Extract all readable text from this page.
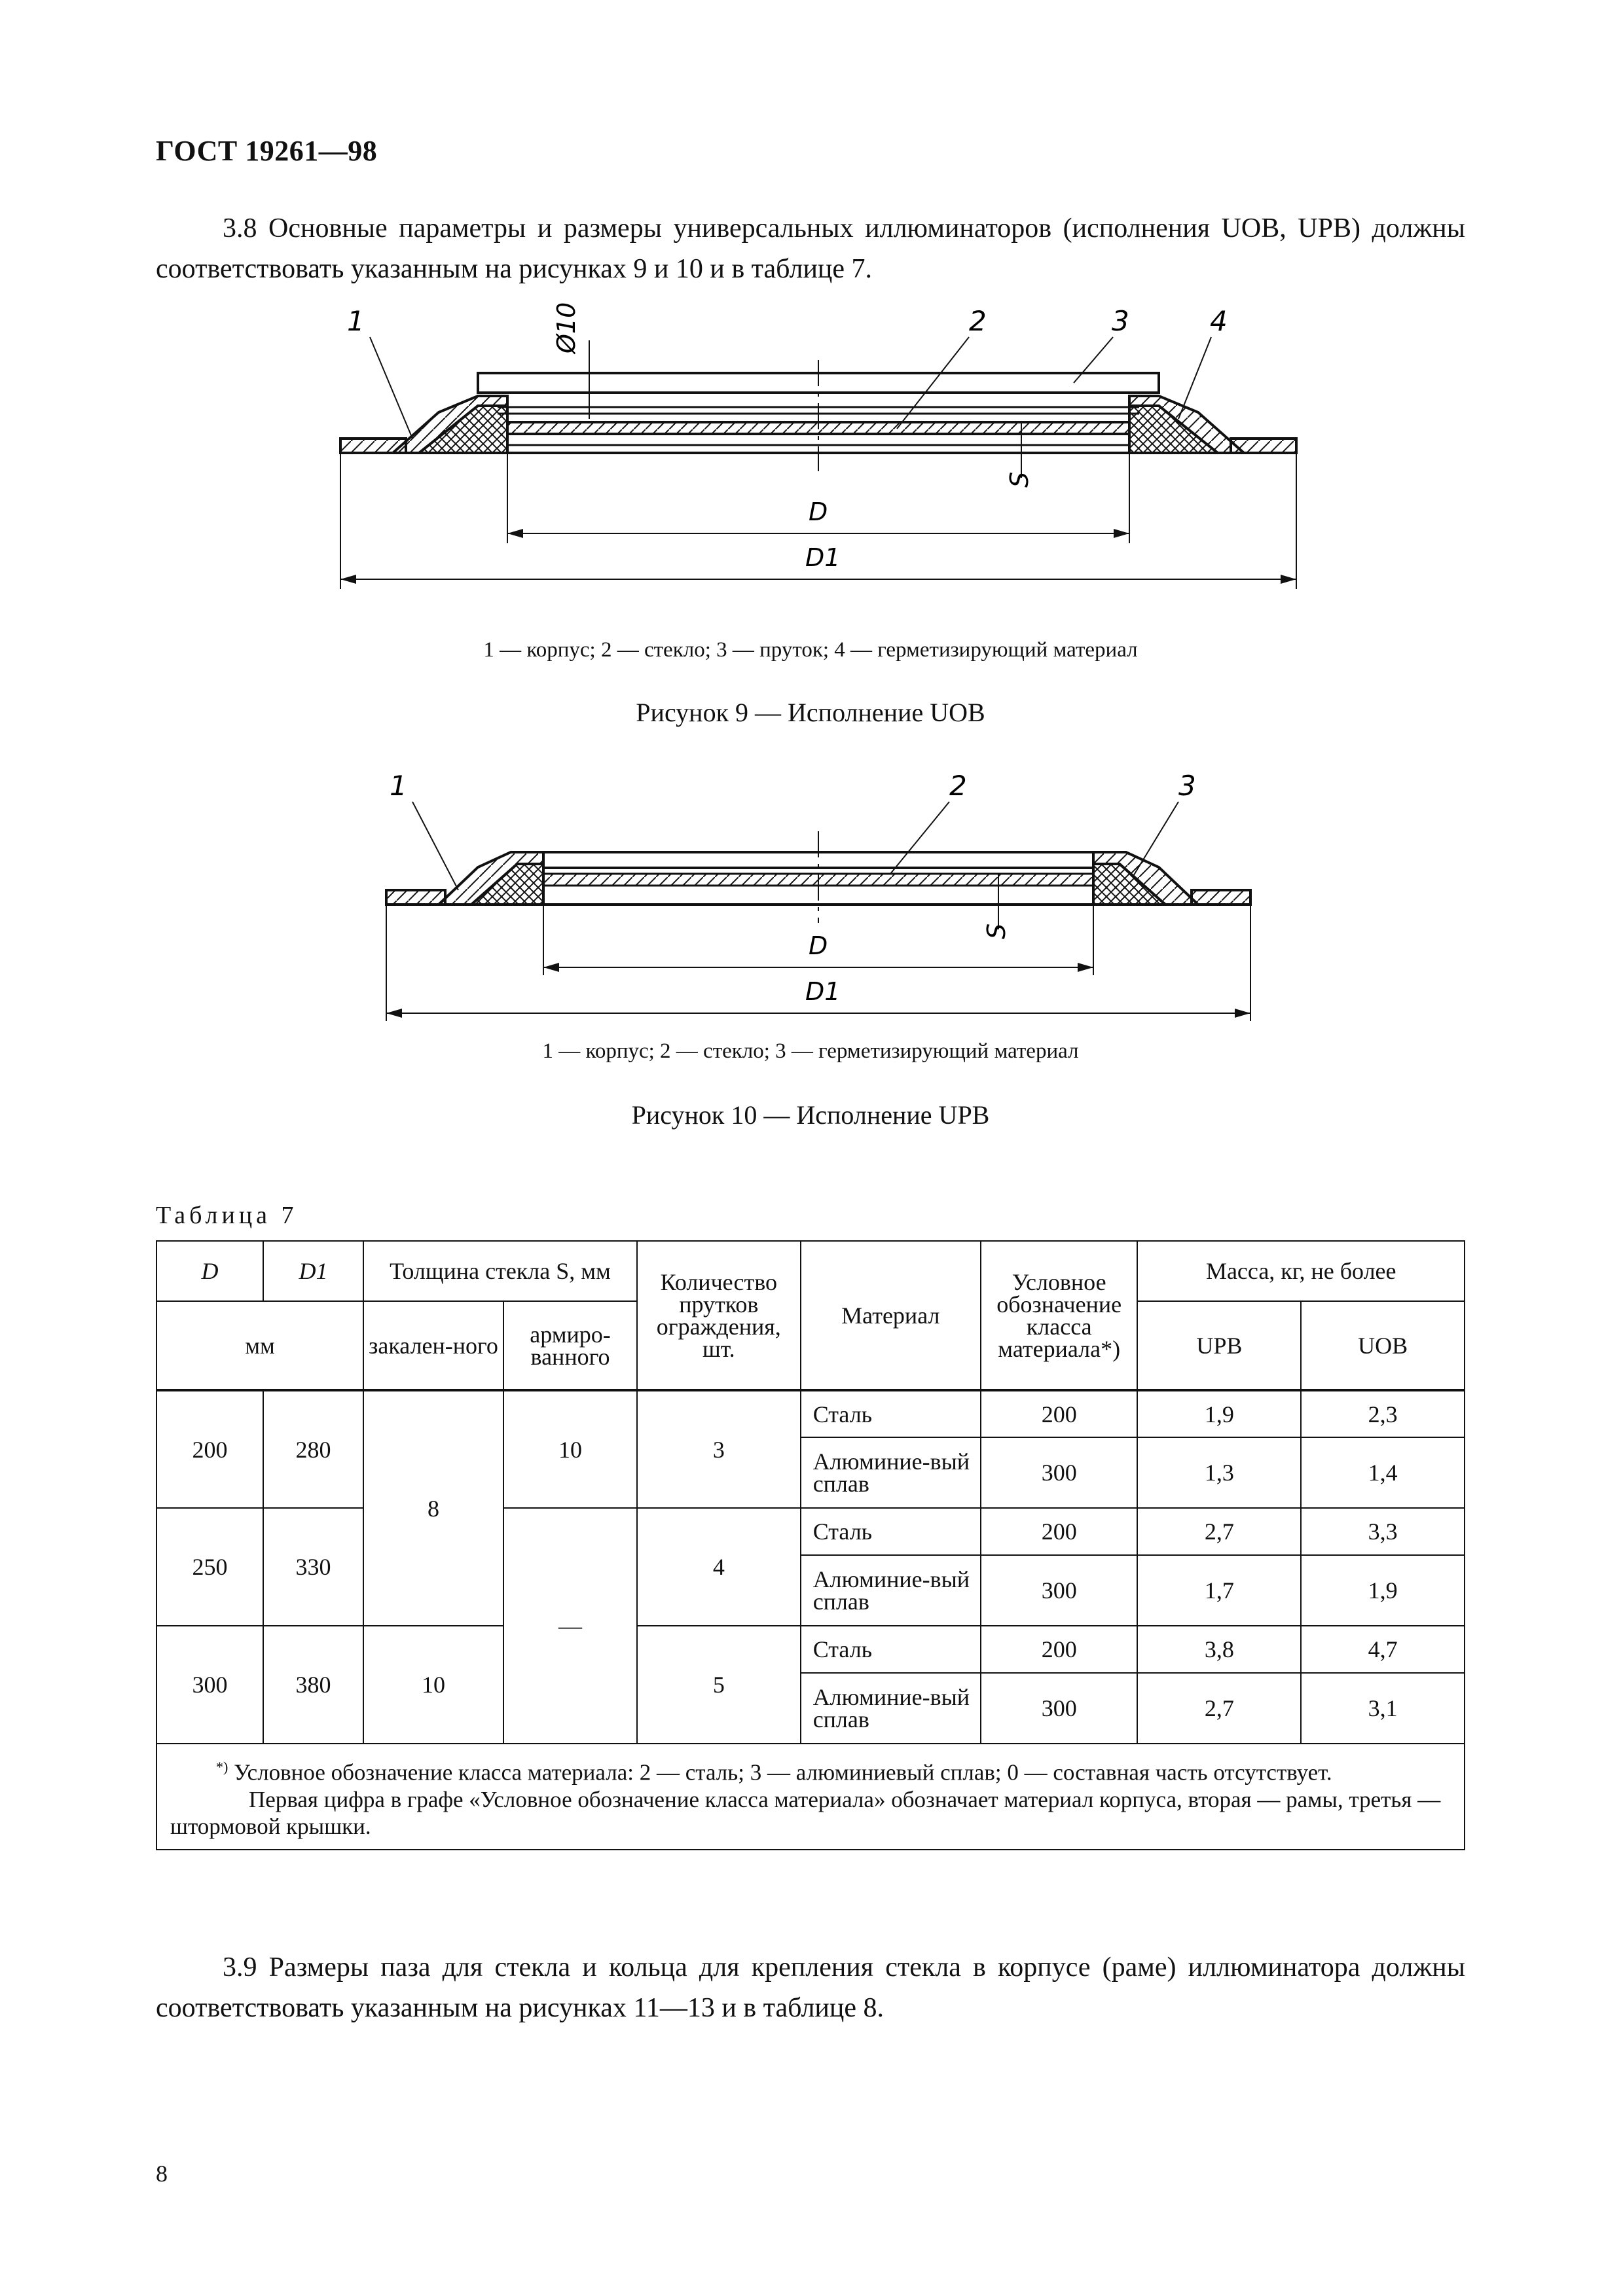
ГОСТ 19261—98
3.8 Основные параметры и размеры универсальных иллюминаторов (исполнения UOB, UPB) должны соответствовать указанным на рисунках 9 и 10 и в таблице 7.
Ø10
S
D
D1
1	2	3	4
1 — корпус; 2 — стекло; 3 — пруток; 4 — герметизирующий материал
Рисунок 9 — Исполнение UOB
S
D
D1
1	2	3
1 — корпус; 2 — стекло; 3 — герметизирующий материал
Рисунок 10 — Исполнение UPB
Таблица 7
D	D1	Толщина стекла S, мм		Количество прутков ограждения, шт.	Материал	Условное обозначение класса материала*)	Масса, кг, не более	
мм		закален-ного	армиро-ванного				UPB	UOB
200	280	8	10	3	Сталь	200	1,9	2,3
					Алюминие-вый сплав	300	1,3	1,4
250	330		—	4	Сталь	200	2,7	3,3
					Алюминие-вый сплав	300	1,7	1,9
300	380	10		5	Сталь	200	3,8	4,7
					Алюминие-вый сплав	300	2,7	3,1

*) Условное обозначение класса материала: 2 — сталь; 3 — алюминиевый сплав; 0 — составная часть отсутствует.
Первая цифра в графе «Условное обозначение класса материала» обозначает материал корпуса, вторая — рамы, третья — штормовой крышки.								
3.9 Размеры паза для стекла и кольца для крепления стекла в корпусе (раме) иллюминатора должны соответствовать указанным на рисунках 11—13 и в таблице 8.
8
